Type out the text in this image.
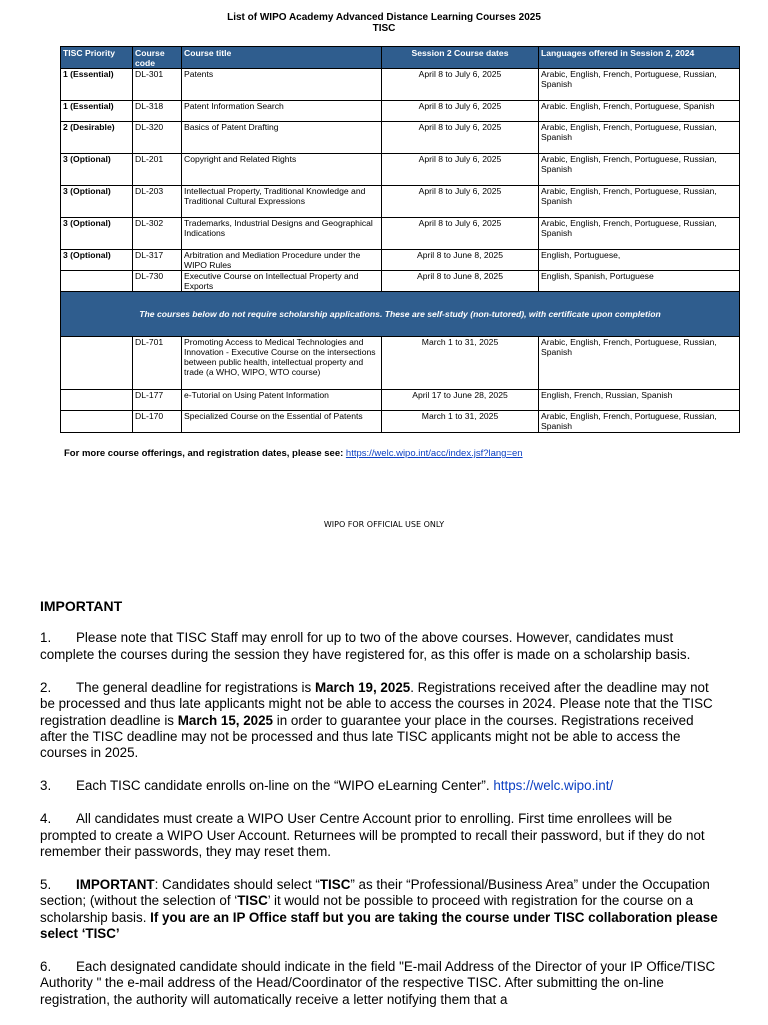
List of WIPO Academy Advanced Distance Learning Courses 2025
TISC
TISC Priority	Course code	Course title	Session 2 Course dates	Languages offered in Session 2, 2024
1 (Essential)	DL-301	Patents	April 8 to July 6, 2025	Arabic, English, French, Portuguese, Russian, Spanish
1 (Essential)	DL-318	Patent Information Search	April 8 to July 6, 2025	Arabic. English, French, Portuguese, Spanish
2 (Desirable)	DL-320	Basics of Patent Drafting	April 8 to July 6, 2025	Arabic, English, French, Portuguese, Russian, Spanish
3 (Optional)	DL-201	Copyright and Related Rights	April 8 to July 6, 2025	Arabic, English, French, Portuguese, Russian, Spanish
3 (Optional)	DL-203	Intellectual Property, Traditional Knowledge and Traditional Cultural Expressions	April 8 to July 6, 2025	Arabic, English, French, Portuguese, Russian, Spanish
3 (Optional)	DL-302	Trademarks, Industrial Designs and Geographical Indications	April 8 to July 6, 2025	Arabic, English, French, Portuguese, Russian, Spanish
3 (Optional)	DL-317	Arbitration and Mediation Procedure under the WIPO Rules	April 8 to June 8, 2025	English, Portuguese,
	DL-730	Executive Course on Intellectual Property and Exports	April 8 to June 8, 2025	English, Spanish, Portuguese
The courses below do not require scholarship applications. These are self-study (non-tutored), with certificate upon completion				
	DL-701	Promoting Access to Medical Technologies and Innovation - Executive Course on the intersections between public health, intellectual property and trade (a WHO, WIPO, WTO course)	March 1 to 31, 2025	Arabic, English, French, Portuguese, Russian, Spanish
	DL-177	e-Tutorial on Using Patent Information	April 17 to June 28, 2025	English, French, Russian, Spanish
	DL-170	Specialized Course on the Essential of Patents	March 1 to 31, 2025	Arabic, English, French, Portuguese, Russian, Spanish
For more course offerings, and registration dates, please see: https://welc.wipo.int/acc/index.jsf?lang=en
WIPO FOR OFFICIAL USE ONLY
IMPORTANT

1. Please note that TISC Staff may enroll for up to two of the above courses. However, candidates must complete the courses during the session they have registered for, as this offer is made on a scholarship basis.

2. The general deadline for registrations is March 19, 2025. Registrations received after the deadline may not be processed and thus late applicants might not be able to access the courses in 2024. Please note that the TISC registration deadline is March 15, 2025 in order to guarantee your place in the courses. Registrations received after the TISC deadline may not be processed and thus late TISC applicants might not be able to access the courses in 2025.

3. Each TISC candidate enrolls on-line on the “WIPO eLearning Center”. https://welc.wipo.int/

4. All candidates must create a WIPO User Centre Account prior to enrolling. First time enrollees will be prompted to create a WIPO User Account. Returnees will be prompted to recall their password, but if they do not remember their passwords, they may reset them.

5. IMPORTANT: Candidates should select “TISC” as their “Professional/Business Area” under the Occupation section; (without the selection of ‘TISC’ it would not be possible to proceed with registration for the course on a scholarship basis. If you are an IP Office staff but you are taking the course under TISC collaboration please select ‘TISC’

6. Each designated candidate should indicate in the field "E-mail Address of the Director of your IP Office/TISC Authority " the e-mail address of the Head/Coordinator of the respective TISC. After submitting the on-line registration, the authority will automatically receive a letter notifying them that a
